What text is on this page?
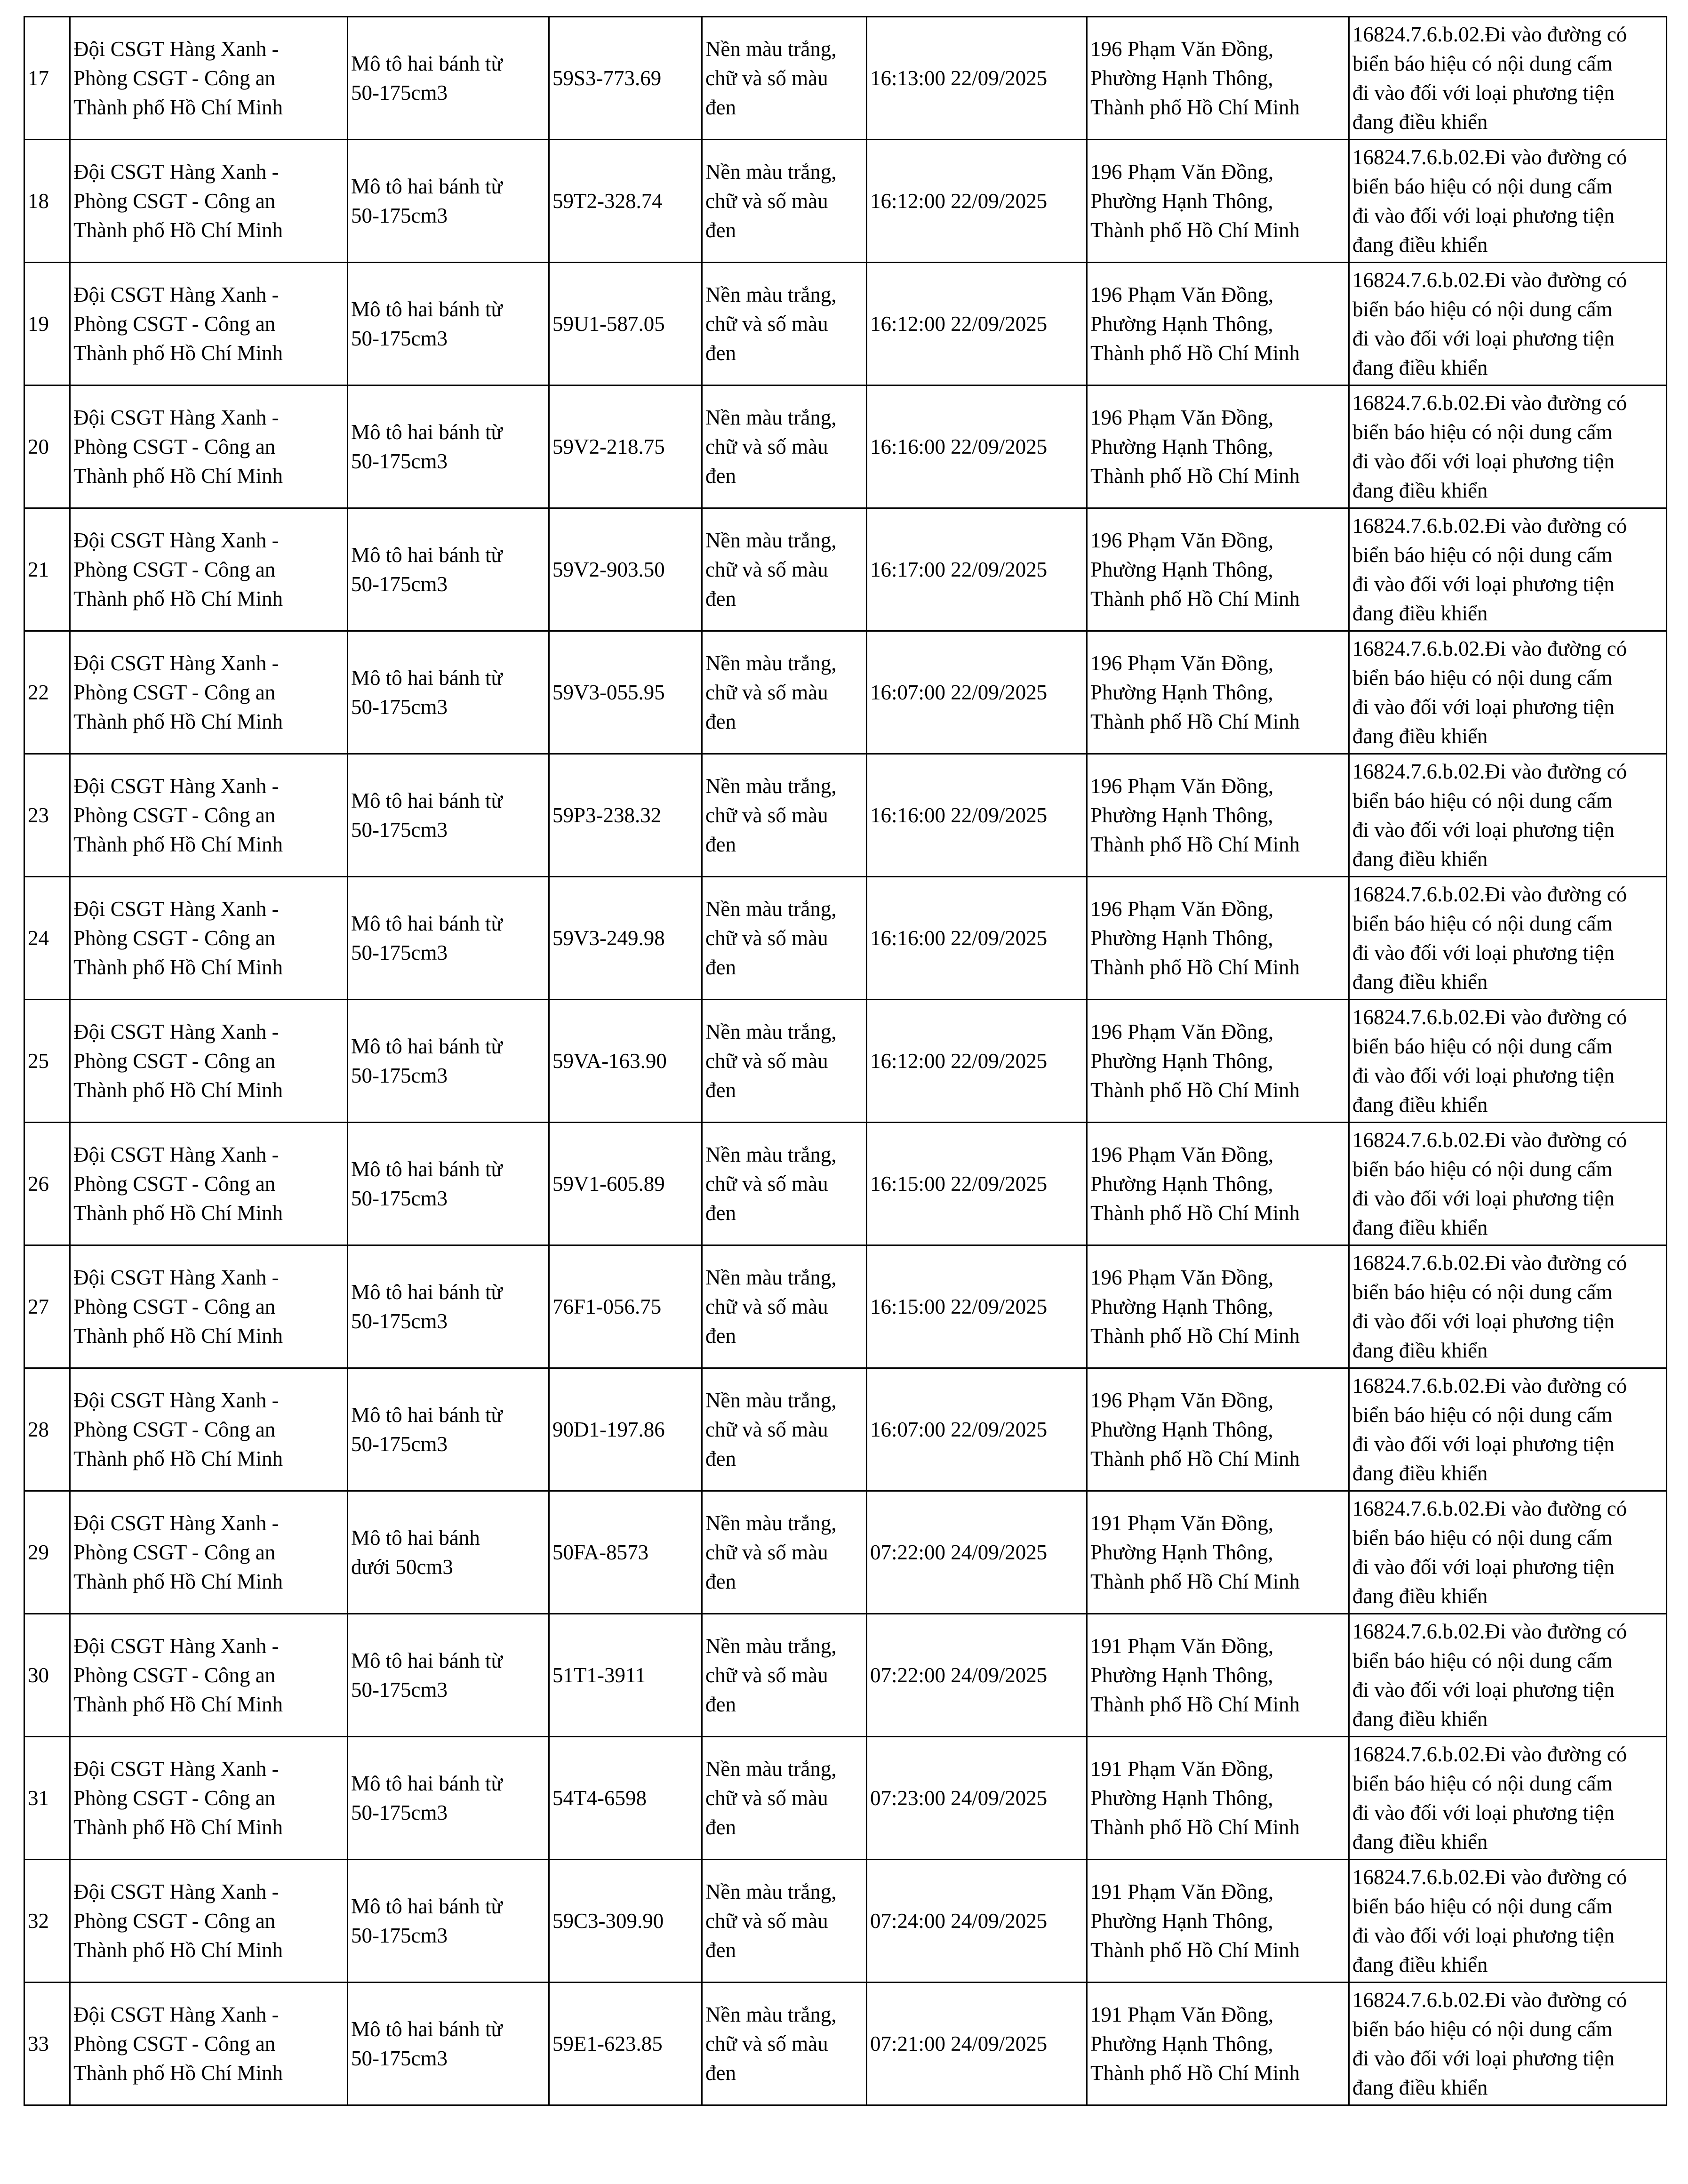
17	Đội CSGT Hàng Xanh -
Phòng CSGT - Công an
Thành phố Hồ Chí Minh	Mô tô hai bánh từ
50-175cm3	59S3-773.69	Nền màu trắng,
chữ và số màu
đen	16:13:00 22/09/2025	196 Phạm Văn Đồng,
Phường Hạnh Thông,
Thành phố Hồ Chí Minh	16824.7.6.b.02.Đi vào đường có
biển báo hiệu có nội dung cấm
đi vào đối với loại phương tiện
đang điều khiển
18	Đội CSGT Hàng Xanh -
Phòng CSGT - Công an
Thành phố Hồ Chí Minh	Mô tô hai bánh từ
50-175cm3	59T2-328.74	Nền màu trắng,
chữ và số màu
đen	16:12:00 22/09/2025	196 Phạm Văn Đồng,
Phường Hạnh Thông,
Thành phố Hồ Chí Minh	16824.7.6.b.02.Đi vào đường có
biển báo hiệu có nội dung cấm
đi vào đối với loại phương tiện
đang điều khiển
19	Đội CSGT Hàng Xanh -
Phòng CSGT - Công an
Thành phố Hồ Chí Minh	Mô tô hai bánh từ
50-175cm3	59U1-587.05	Nền màu trắng,
chữ và số màu
đen	16:12:00 22/09/2025	196 Phạm Văn Đồng,
Phường Hạnh Thông,
Thành phố Hồ Chí Minh	16824.7.6.b.02.Đi vào đường có
biển báo hiệu có nội dung cấm
đi vào đối với loại phương tiện
đang điều khiển
20	Đội CSGT Hàng Xanh -
Phòng CSGT - Công an
Thành phố Hồ Chí Minh	Mô tô hai bánh từ
50-175cm3	59V2-218.75	Nền màu trắng,
chữ và số màu
đen	16:16:00 22/09/2025	196 Phạm Văn Đồng,
Phường Hạnh Thông,
Thành phố Hồ Chí Minh	16824.7.6.b.02.Đi vào đường có
biển báo hiệu có nội dung cấm
đi vào đối với loại phương tiện
đang điều khiển
21	Đội CSGT Hàng Xanh -
Phòng CSGT - Công an
Thành phố Hồ Chí Minh	Mô tô hai bánh từ
50-175cm3	59V2-903.50	Nền màu trắng,
chữ và số màu
đen	16:17:00 22/09/2025	196 Phạm Văn Đồng,
Phường Hạnh Thông,
Thành phố Hồ Chí Minh	16824.7.6.b.02.Đi vào đường có
biển báo hiệu có nội dung cấm
đi vào đối với loại phương tiện
đang điều khiển
22	Đội CSGT Hàng Xanh -
Phòng CSGT - Công an
Thành phố Hồ Chí Minh	Mô tô hai bánh từ
50-175cm3	59V3-055.95	Nền màu trắng,
chữ và số màu
đen	16:07:00 22/09/2025	196 Phạm Văn Đồng,
Phường Hạnh Thông,
Thành phố Hồ Chí Minh	16824.7.6.b.02.Đi vào đường có
biển báo hiệu có nội dung cấm
đi vào đối với loại phương tiện
đang điều khiển
23	Đội CSGT Hàng Xanh -
Phòng CSGT - Công an
Thành phố Hồ Chí Minh	Mô tô hai bánh từ
50-175cm3	59P3-238.32	Nền màu trắng,
chữ và số màu
đen	16:16:00 22/09/2025	196 Phạm Văn Đồng,
Phường Hạnh Thông,
Thành phố Hồ Chí Minh	16824.7.6.b.02.Đi vào đường có
biển báo hiệu có nội dung cấm
đi vào đối với loại phương tiện
đang điều khiển
24	Đội CSGT Hàng Xanh -
Phòng CSGT - Công an
Thành phố Hồ Chí Minh	Mô tô hai bánh từ
50-175cm3	59V3-249.98	Nền màu trắng,
chữ và số màu
đen	16:16:00 22/09/2025	196 Phạm Văn Đồng,
Phường Hạnh Thông,
Thành phố Hồ Chí Minh	16824.7.6.b.02.Đi vào đường có
biển báo hiệu có nội dung cấm
đi vào đối với loại phương tiện
đang điều khiển
25	Đội CSGT Hàng Xanh -
Phòng CSGT - Công an
Thành phố Hồ Chí Minh	Mô tô hai bánh từ
50-175cm3	59VA-163.90	Nền màu trắng,
chữ và số màu
đen	16:12:00 22/09/2025	196 Phạm Văn Đồng,
Phường Hạnh Thông,
Thành phố Hồ Chí Minh	16824.7.6.b.02.Đi vào đường có
biển báo hiệu có nội dung cấm
đi vào đối với loại phương tiện
đang điều khiển
26	Đội CSGT Hàng Xanh -
Phòng CSGT - Công an
Thành phố Hồ Chí Minh	Mô tô hai bánh từ
50-175cm3	59V1-605.89	Nền màu trắng,
chữ và số màu
đen	16:15:00 22/09/2025	196 Phạm Văn Đồng,
Phường Hạnh Thông,
Thành phố Hồ Chí Minh	16824.7.6.b.02.Đi vào đường có
biển báo hiệu có nội dung cấm
đi vào đối với loại phương tiện
đang điều khiển
27	Đội CSGT Hàng Xanh -
Phòng CSGT - Công an
Thành phố Hồ Chí Minh	Mô tô hai bánh từ
50-175cm3	76F1-056.75	Nền màu trắng,
chữ và số màu
đen	16:15:00 22/09/2025	196 Phạm Văn Đồng,
Phường Hạnh Thông,
Thành phố Hồ Chí Minh	16824.7.6.b.02.Đi vào đường có
biển báo hiệu có nội dung cấm
đi vào đối với loại phương tiện
đang điều khiển
28	Đội CSGT Hàng Xanh -
Phòng CSGT - Công an
Thành phố Hồ Chí Minh	Mô tô hai bánh từ
50-175cm3	90D1-197.86	Nền màu trắng,
chữ và số màu
đen	16:07:00 22/09/2025	196 Phạm Văn Đồng,
Phường Hạnh Thông,
Thành phố Hồ Chí Minh	16824.7.6.b.02.Đi vào đường có
biển báo hiệu có nội dung cấm
đi vào đối với loại phương tiện
đang điều khiển
29	Đội CSGT Hàng Xanh -
Phòng CSGT - Công an
Thành phố Hồ Chí Minh	Mô tô hai bánh
dưới 50cm3	50FA-8573	Nền màu trắng,
chữ và số màu
đen	07:22:00 24/09/2025	191 Phạm Văn Đồng,
Phường Hạnh Thông,
Thành phố Hồ Chí Minh	16824.7.6.b.02.Đi vào đường có
biển báo hiệu có nội dung cấm
đi vào đối với loại phương tiện
đang điều khiển
30	Đội CSGT Hàng Xanh -
Phòng CSGT - Công an
Thành phố Hồ Chí Minh	Mô tô hai bánh từ
50-175cm3	51T1-3911	Nền màu trắng,
chữ và số màu
đen	07:22:00 24/09/2025	191 Phạm Văn Đồng,
Phường Hạnh Thông,
Thành phố Hồ Chí Minh	16824.7.6.b.02.Đi vào đường có
biển báo hiệu có nội dung cấm
đi vào đối với loại phương tiện
đang điều khiển
31	Đội CSGT Hàng Xanh -
Phòng CSGT - Công an
Thành phố Hồ Chí Minh	Mô tô hai bánh từ
50-175cm3	54T4-6598	Nền màu trắng,
chữ và số màu
đen	07:23:00 24/09/2025	191 Phạm Văn Đồng,
Phường Hạnh Thông,
Thành phố Hồ Chí Minh	16824.7.6.b.02.Đi vào đường có
biển báo hiệu có nội dung cấm
đi vào đối với loại phương tiện
đang điều khiển
32	Đội CSGT Hàng Xanh -
Phòng CSGT - Công an
Thành phố Hồ Chí Minh	Mô tô hai bánh từ
50-175cm3	59C3-309.90	Nền màu trắng,
chữ và số màu
đen	07:24:00 24/09/2025	191 Phạm Văn Đồng,
Phường Hạnh Thông,
Thành phố Hồ Chí Minh	16824.7.6.b.02.Đi vào đường có
biển báo hiệu có nội dung cấm
đi vào đối với loại phương tiện
đang điều khiển
33	Đội CSGT Hàng Xanh -
Phòng CSGT - Công an
Thành phố Hồ Chí Minh	Mô tô hai bánh từ
50-175cm3	59E1-623.85	Nền màu trắng,
chữ và số màu
đen	07:21:00 24/09/2025	191 Phạm Văn Đồng,
Phường Hạnh Thông,
Thành phố Hồ Chí Minh	16824.7.6.b.02.Đi vào đường có
biển báo hiệu có nội dung cấm
đi vào đối với loại phương tiện
đang điều khiển
